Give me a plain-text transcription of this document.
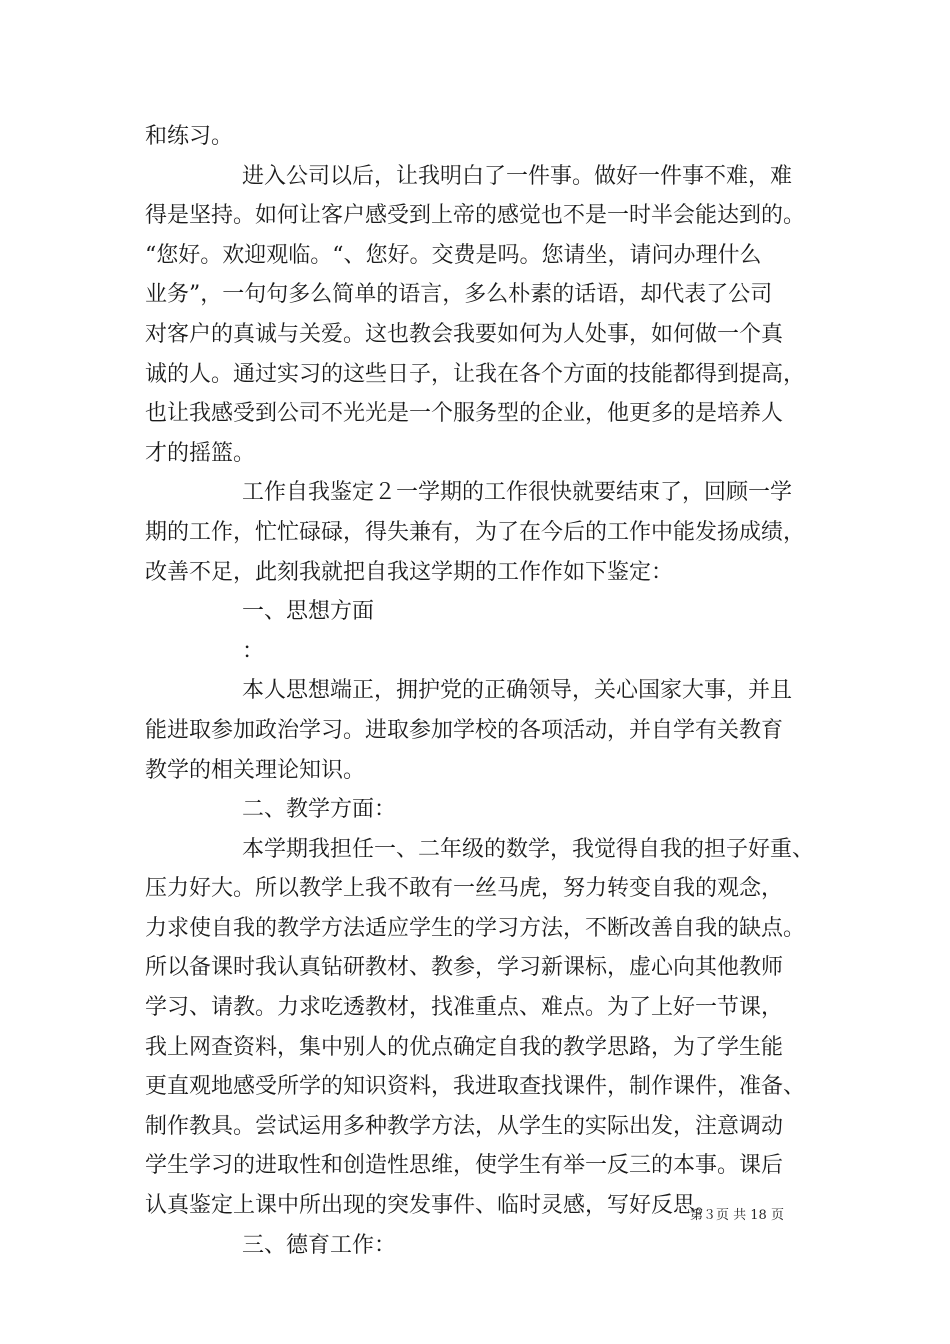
和练习。
进入公司以后，让我明白了一件事。做好一件事不难，难
得是坚持。如何让客户感受到上帝的感觉也不是一时半会能达到的。
“您好。欢迎观临。“、您好。交费是吗。您请坐，请问办理什么
业务”，一句句多么简单的语言，多么朴素的话语，却代表了公司
对客户的真诚与关爱。这也教会我要如何为人处事，如何做一个真
诚的人。通过实习的这些日子，让我在各个方面的技能都得到提高，
也让我感受到公司不光光是一个服务型的企业，他更多的是培养人
才的摇篮。
工作自我鉴定２一学期的工作很快就要结束了，回顾一学
期的工作，忙忙碌碌，得失兼有，为了在今后的工作中能发扬成绩，
改善不足，此刻我就把自我这学期的工作作如下鉴定：
一、思想方面
：
本人思想端正，拥护党的正确领导，关心国家大事，并且
能进取参加政治学习。进取参加学校的各项活动，并自学有关教育
教学的相关理论知识。
二、教学方面：
本学期我担任一、二年级的数学，我觉得自我的担子好重、
压力好大。所以教学上我不敢有一丝马虎，努力转变自我的观念，
力求使自我的教学方法适应学生的学习方法，不断改善自我的缺点。
所以备课时我认真钻研教材、教参，学习新课标，虚心向其他教师
学习、请教。力求吃透教材，找准重点、难点。为了上好一节课，
我上网查资料，集中别人的优点确定自我的教学思路，为了学生能
更直观地感受所学的知识资料，我进取查找课件，制作课件，准备、
制作教具。尝试运用多种教学方法，从学生的实际出发，注意调动
学生学习的进取性和创造性思维，使学生有举一反三的本事。课后
认真鉴定上课中所出现的突发事件、临时灵感，写好反思。
三、德育工作：
第３页 共 18 页
